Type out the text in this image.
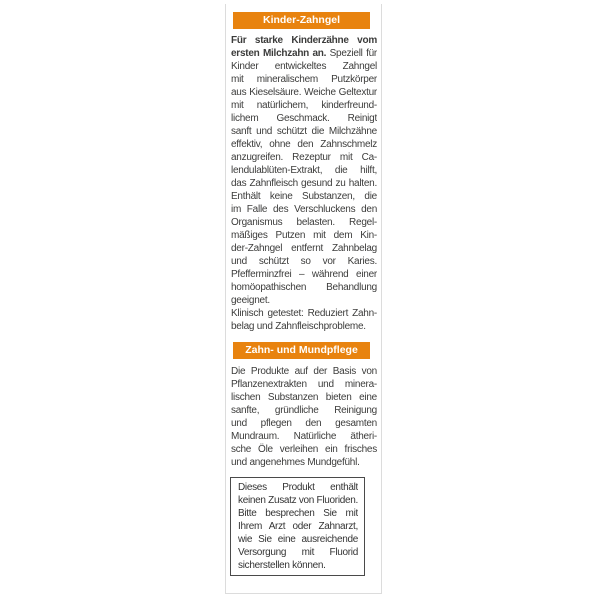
Kinder-Zahngel
Für starke Kinderzähne vom
ersten Milchzahn an. Speziell für
Kinder entwickeltes Zahngel
mit mineralischem Putzkörper
aus Kieselsäure. Weiche Geltextur
mit natürlichem, kinderfreund-
lichem Geschmack. Reinigt
sanft und schützt die Milchzähne
effektiv, ohne den Zahnschmelz
anzugreifen. Rezeptur mit Ca-
lendulablüten-Extrakt, die hilft,
das Zahnfleisch gesund zu halten.
Enthält keine Substanzen, die
im Falle des Verschluckens den
Organismus belasten. Regel-
mäßiges Putzen mit dem Kin-
der-Zahngel entfernt Zahnbelag
und schützt so vor Karies.
Pfefferminzfrei – während einer
homöopathischen Behandlung
geeignet.
Klinisch getestet: Reduziert Zahn-
belag und Zahnfleischprobleme.
Zahn- und Mundpflege
Die Produkte auf der Basis von
Pflanzenextrakten und minera-
lischen Substanzen bieten eine
sanfte, gründliche Reinigung
und pflegen den gesamten
Mundraum. Natürliche ätheri-
sche Öle verleihen ein frisches
und angenehmes Mundgefühl.
Dieses Produkt enthält
keinen Zusatz von Fluoriden.
Bitte besprechen Sie mit
Ihrem Arzt oder Zahnarzt,
wie Sie eine ausreichende
Versorgung mit Fluorid
sicherstellen können.
